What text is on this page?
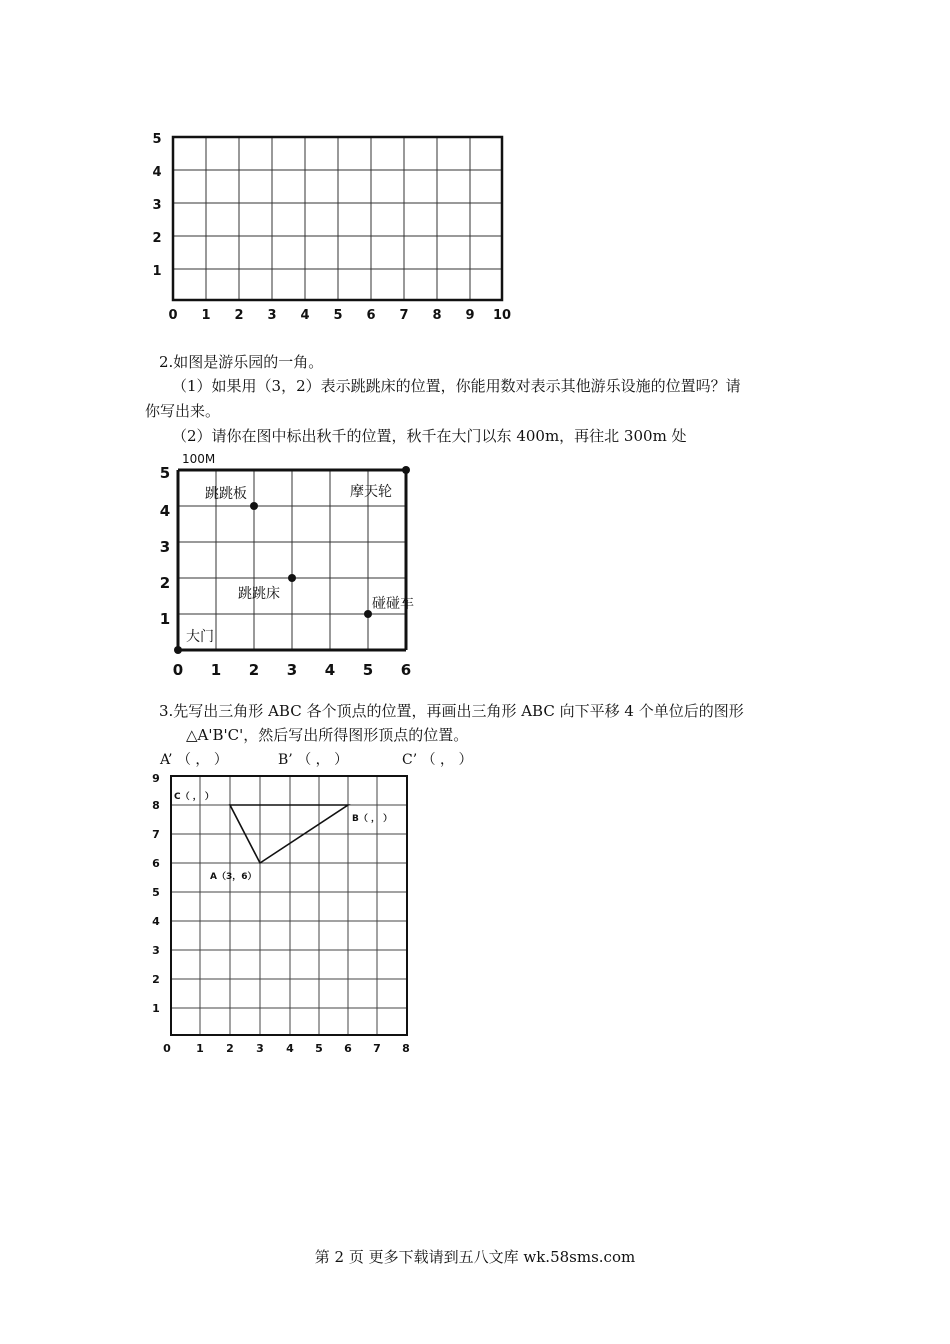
0 1 2 3 4 5 6 7 8 9 10
1
2
3
4
5
2.如图是游乐园的一角。
（1）如果用（3，2）表示跳跳床的位置，你能用数对表示其他游乐设施的位置吗？请
你写出来。
（2）请你在图中标出秋千的位置，秋千在大门以东 400m，再往北 300m 处
100M
0 1 2 3 4 5 6
1
2
3
4
5
跳跳板	摩天轮
跳跳床
碰碰车
大门
3.先写出三角形 ABC 各个顶点的位置，再画出三角形 ABC 向下平移 4 个单位后的图形
△A'B'C'，然后写出所得图形顶点的位置。
A’ （ ， ）	B’ （ ， ）	C’ （ ， ）
0 1 2 3 4 5 6 7 8
1
2
3
4
5
6
7
8
9
A（3，6）
B（ ， ）
C（ ， ）
第 2 页 更多下载请到五八文库 wk.58sms.com
